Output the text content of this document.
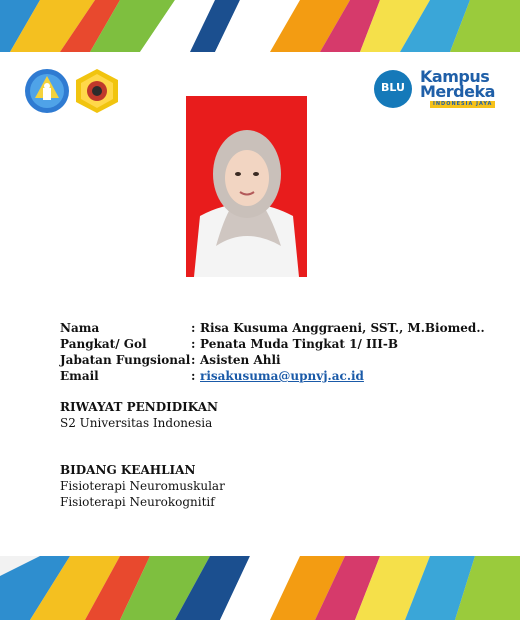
BLU
Kampus
Merdeka
INDONESIA JAYA
Nama	: Risa Kusuma Anggraeni, SST., M.Biomed..
Pangkat/ Gol	: Penata Muda Tingkat 1/ III-B
Jabatan Fungsional : Asisten Ahli
Email	: risakusuma@upnvj.ac.id
RIWAYAT PENDIDIKAN
S2 Universitas Indonesia
BIDANG KEAHLIAN
Fisioterapi Neuromuskular
Fisioterapi Neurokognitif
